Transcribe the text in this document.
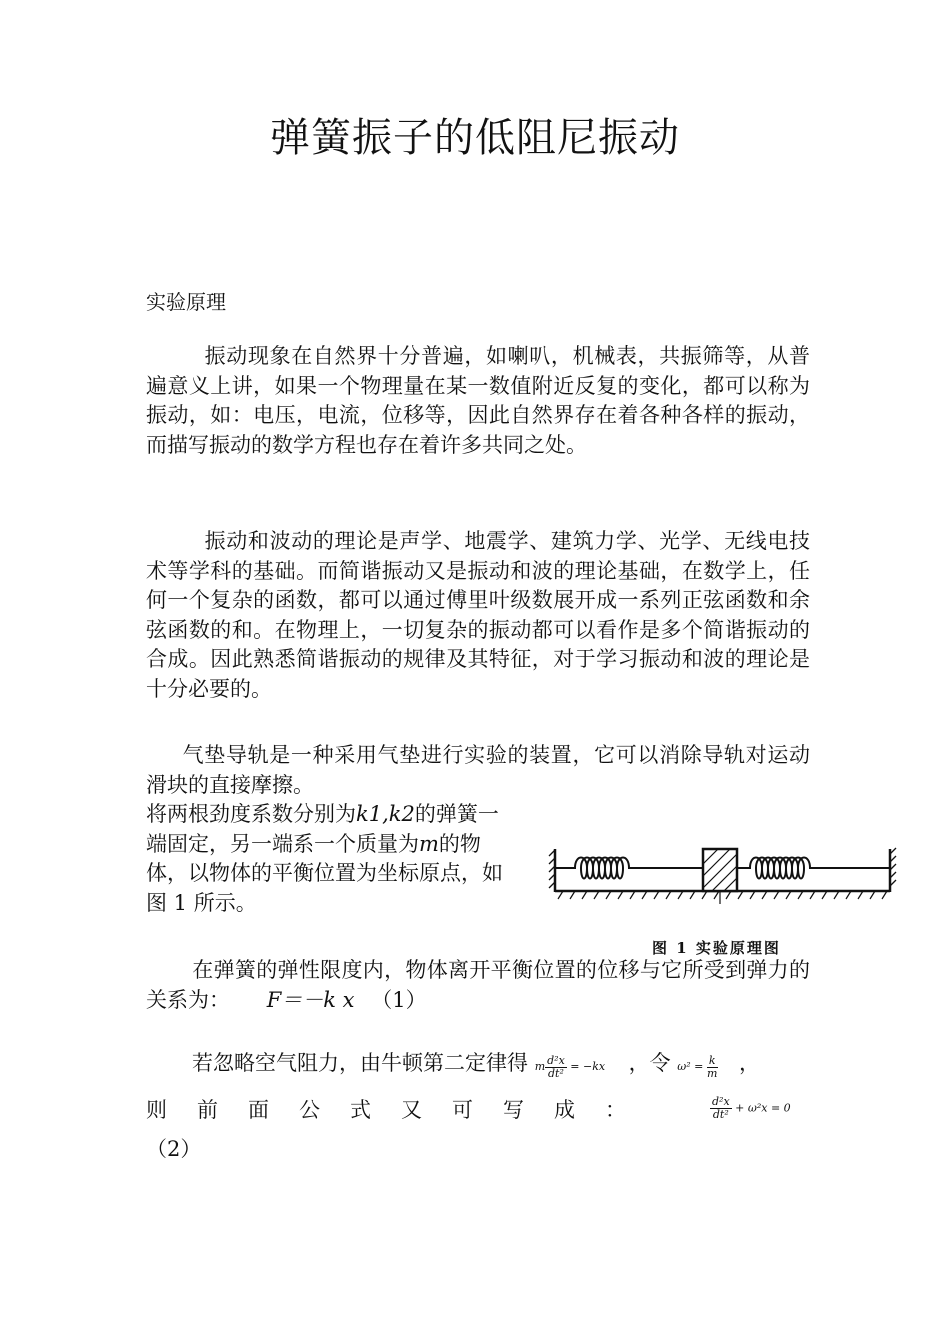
弹簧振子的低阻尼振动
实验原理
振动现象在自然界十分普遍，如喇叭，机械表，共振筛等，从普遍意义上讲，如果一个物理量在某一数值附近反复的变化，都可以称为振动，如：电压，电流，位移等，因此自然界存在着各种各样的振动，而描写振动的数学方程也存在着许多共同之处。
振动和波动的理论是声学、地震学、建筑力学、光学、无线电技术等学科的基础。而简谐振动又是振动和波的理论基础，在数学上，任何一个复杂的函数，都可以通过傅里叶级数展开成一系列正弦函数和余弦函数的和。在物理上，一切复杂的振动都可以看作是多个简谐振动的合成。因此熟悉简谐振动的规律及其特征，对于学习振动和波的理论是十分必要的。
气垫导轨是一种采用气垫进行实验的装置，它可以消除导轨对运动滑块的直接摩擦。
将两根劲度系数分别为k1,k2的弹簧一端固定，另一端系一个质量为m的物体，以物体的平衡位置为坐标原点，如图 1 所示。
图 1 实验原理图
在弹簧的弹性限度内，物体离开平衡位置的位移与它所受到弹力的关系为： F＝－k x （1）
若忽略空气阻力，由牛顿第二定律得 m $\frac{\text{d²x}}{\text{dt²}} = -kx$ ，令 $\omega^2 = \frac{k}{m}$ ，
则 前 面 公 式 又 可 写 成 ：	$\frac{\text{d²x}}{\text{dt²}} + \omega^2x = 0$
（2）
